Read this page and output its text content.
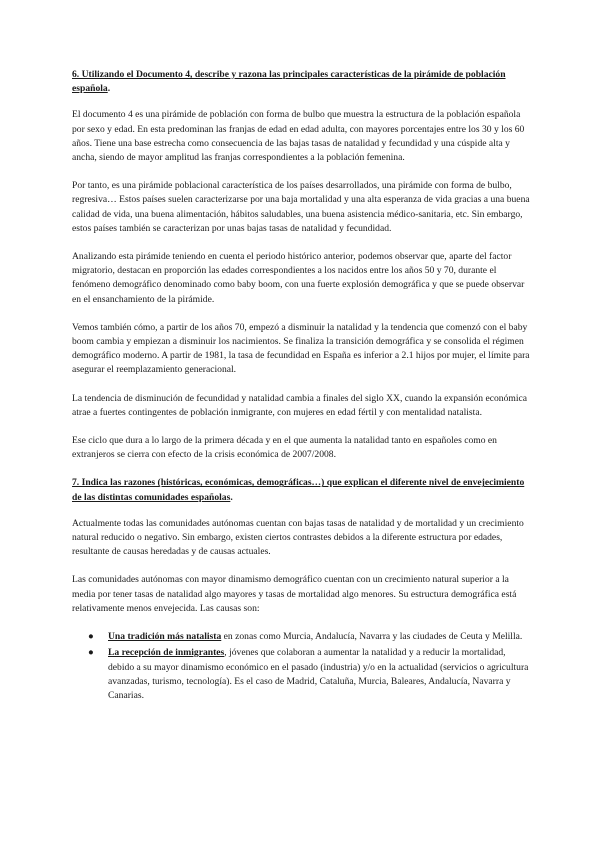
6. Utilizando el Documento 4, describe y razona las principales características de la pirámide de población española.

El documento 4 es una pirámide de población con forma de bulbo que muestra la estructura de la población española por sexo y edad. En esta predominan las franjas de edad en edad adulta, con mayores porcentajes entre los 30 y los 60 años. Tiene una base estrecha como consecuencia de las bajas tasas de natalidad y fecundidad y una cúspide alta y ancha, siendo de mayor amplitud las franjas correspondientes a la población femenina.

Por tanto, es una pirámide poblacional característica de los países desarrollados, una pirámide con forma de bulbo, regresiva… Estos países suelen caracterizarse por una baja mortalidad y una alta esperanza de vida gracias a una buena calidad de vida, una buena alimentación, hábitos saludables, una buena asistencia médico-sanitaria, etc. Sin embargo, estos países también se caracterizan por unas bajas tasas de natalidad y fecundidad.

Analizando esta pirámide teniendo en cuenta el periodo histórico anterior, podemos observar que, aparte del factor migratorio, destacan en proporción las edades correspondientes a los nacidos entre los años 50 y 70, durante el fenómeno demográfico denominado como baby boom, con una fuerte explosión demográfica y que se puede observar en el ensanchamiento de la pirámide.

Vemos también cómo, a partir de los años 70, empezó a disminuir la natalidad y la tendencia que comenzó con el baby boom cambia y empiezan a disminuir los nacimientos. Se finaliza la transición demográfica y se consolida el régimen demográfico moderno. A partir de 1981, la tasa de fecundidad en España es inferior a 2.1 hijos por mujer, el límite para asegurar el reemplazamiento generacional.

La tendencia de disminución de fecundidad y natalidad cambia a finales del siglo XX, cuando la expansión económica atrae a fuertes contingentes de población inmigrante, con mujeres en edad fértil y con mentalidad natalista.

Ese ciclo que dura a lo largo de la primera década y en el que aumenta la natalidad tanto en españoles como en extranjeros se cierra con efecto de la crisis económica de 2007/2008.

7. Indica las razones (históricas, económicas, demográficas…) que explican el diferente nivel de envejecimiento de las distintas comunidades españolas.

Actualmente todas las comunidades autónomas cuentan con bajas tasas de natalidad y de mortalidad y un crecimiento natural reducido o negativo. Sin embargo, existen ciertos contrastes debidos a la diferente estructura por edades, resultante de causas heredadas y de causas actuales.

Las comunidades autónomas con mayor dinamismo demográfico cuentan con un crecimiento natural superior a la media por tener tasas de natalidad algo mayores y tasas de mortalidad algo menores. Su estructura demográfica está relativamente menos envejecida. Las causas son:

● Una tradición más natalista en zonas como Murcia, Andalucía, Navarra y las ciudades de Ceuta y Melilla.
● La recepción de inmigrantes, jóvenes que colaboran a aumentar la natalidad y a reducir la mortalidad, debido a su mayor dinamismo económico en el pasado (industria) y/o en la actualidad (servicios o agricultura avanzadas, turismo, tecnología). Es el caso de Madrid, Cataluña, Murcia, Baleares, Andalucía, Navarra y Canarias.
